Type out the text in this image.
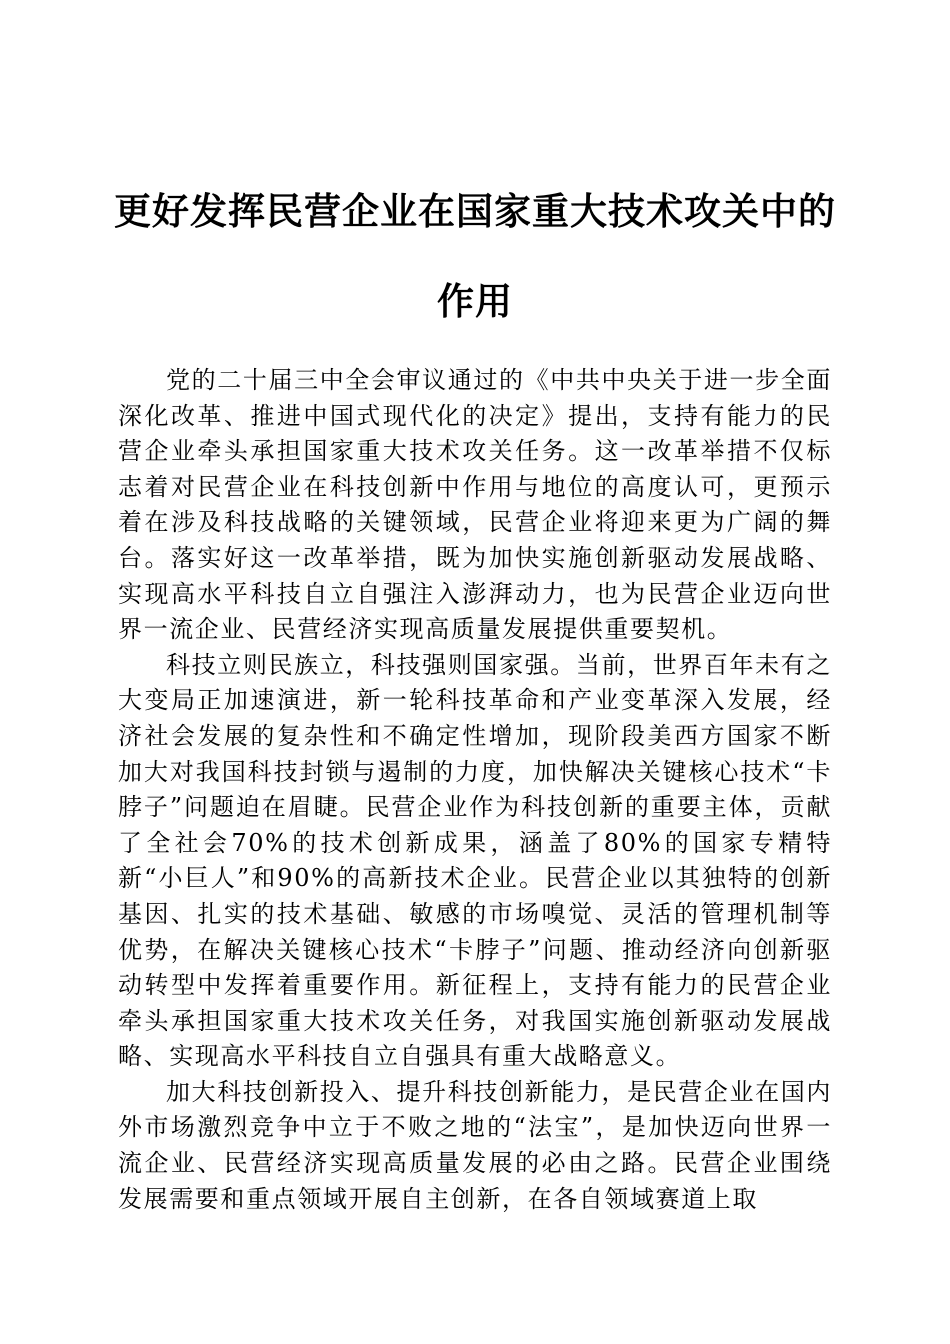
更好发挥民营企业在国家重大技术攻关中的作用

党的二十届三中全会审议通过的《中共中央关于进一步全面深化改革、推进中国式现代化的决定》提出，支持有能力的民营企业牵头承担国家重大技术攻关任务。这一改革举措不仅标志着对民营企业在科技创新中作用与地位的高度认可，更预示着在涉及科技战略的关键领域，民营企业将迎来更为广阔的舞台。落实好这一改革举措，既为加快实施创新驱动发展战略、实现高水平科技自立自强注入澎湃动力，也为民营企业迈向世界一流企业、民营经济实现高质量发展提供重要契机。

科技立则民族立，科技强则国家强。当前，世界百年未有之大变局正加速演进，新一轮科技革命和产业变革深入发展，经济社会发展的复杂性和不确定性增加，现阶段美西方国家不断加大对我国科技封锁与遏制的力度，加快解决关键核心技术“卡脖子”问题迫在眉睫。民营企业作为科技创新的重要主体，贡献了全社会70%的技术创新成果，涵盖了80%的国家专精特新“小巨人”和90%的高新技术企业。民营企业以其独特的创新基因、扎实的技术基础、敏感的市场嗅觉、灵活的管理机制等优势，在解决关键核心技术“卡脖子”问题、推动经济向创新驱动转型中发挥着重要作用。新征程上，支持有能力的民营企业牵头承担国家重大技术攻关任务，对我国实施创新驱动发展战略、实现高水平科技自立自强具有重大战略意义。

加大科技创新投入、提升科技创新能力，是民营企业在国内外市场激烈竞争中立于不败之地的“法宝”，是加快迈向世界一流企业、民营经济实现高质量发展的必由之路。民营企业围绕发展需要和重点领域开展自主创新，在各自领域赛道上取
